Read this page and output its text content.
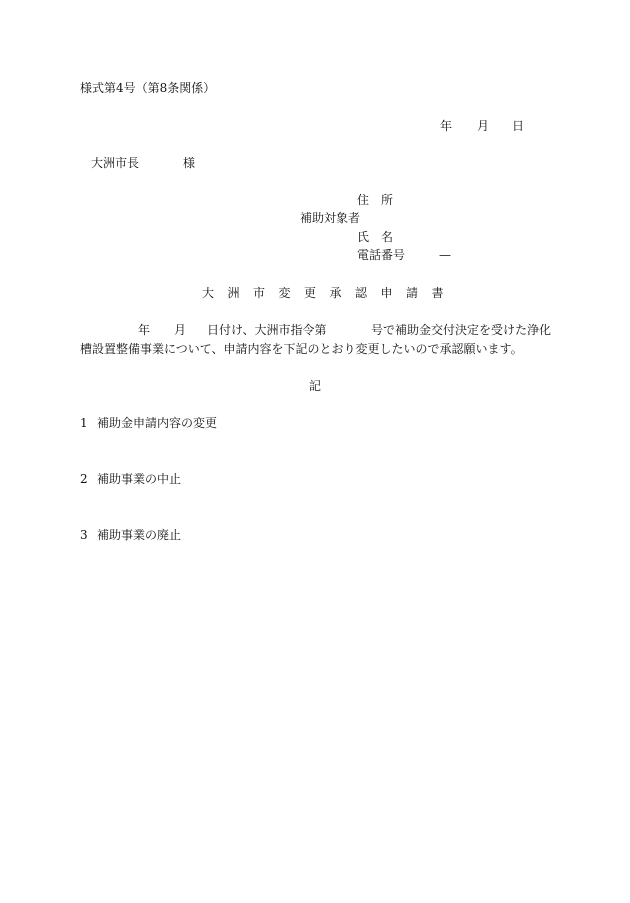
様式第4号（第8条関係）
年 月 日
大洲市長	様
住　所
補助対象者
氏　名
電話番号	—
大洲市変更承認申請書
年 月 日付け、大洲市指令第	号で補助金交付決定を受けた浄化
槽設置整備事業について、申請内容を下記のとおり変更したいので承認願います。
記
1 補助金申請内容の変更
2 補助事業の中止
3 補助事業の廃止
